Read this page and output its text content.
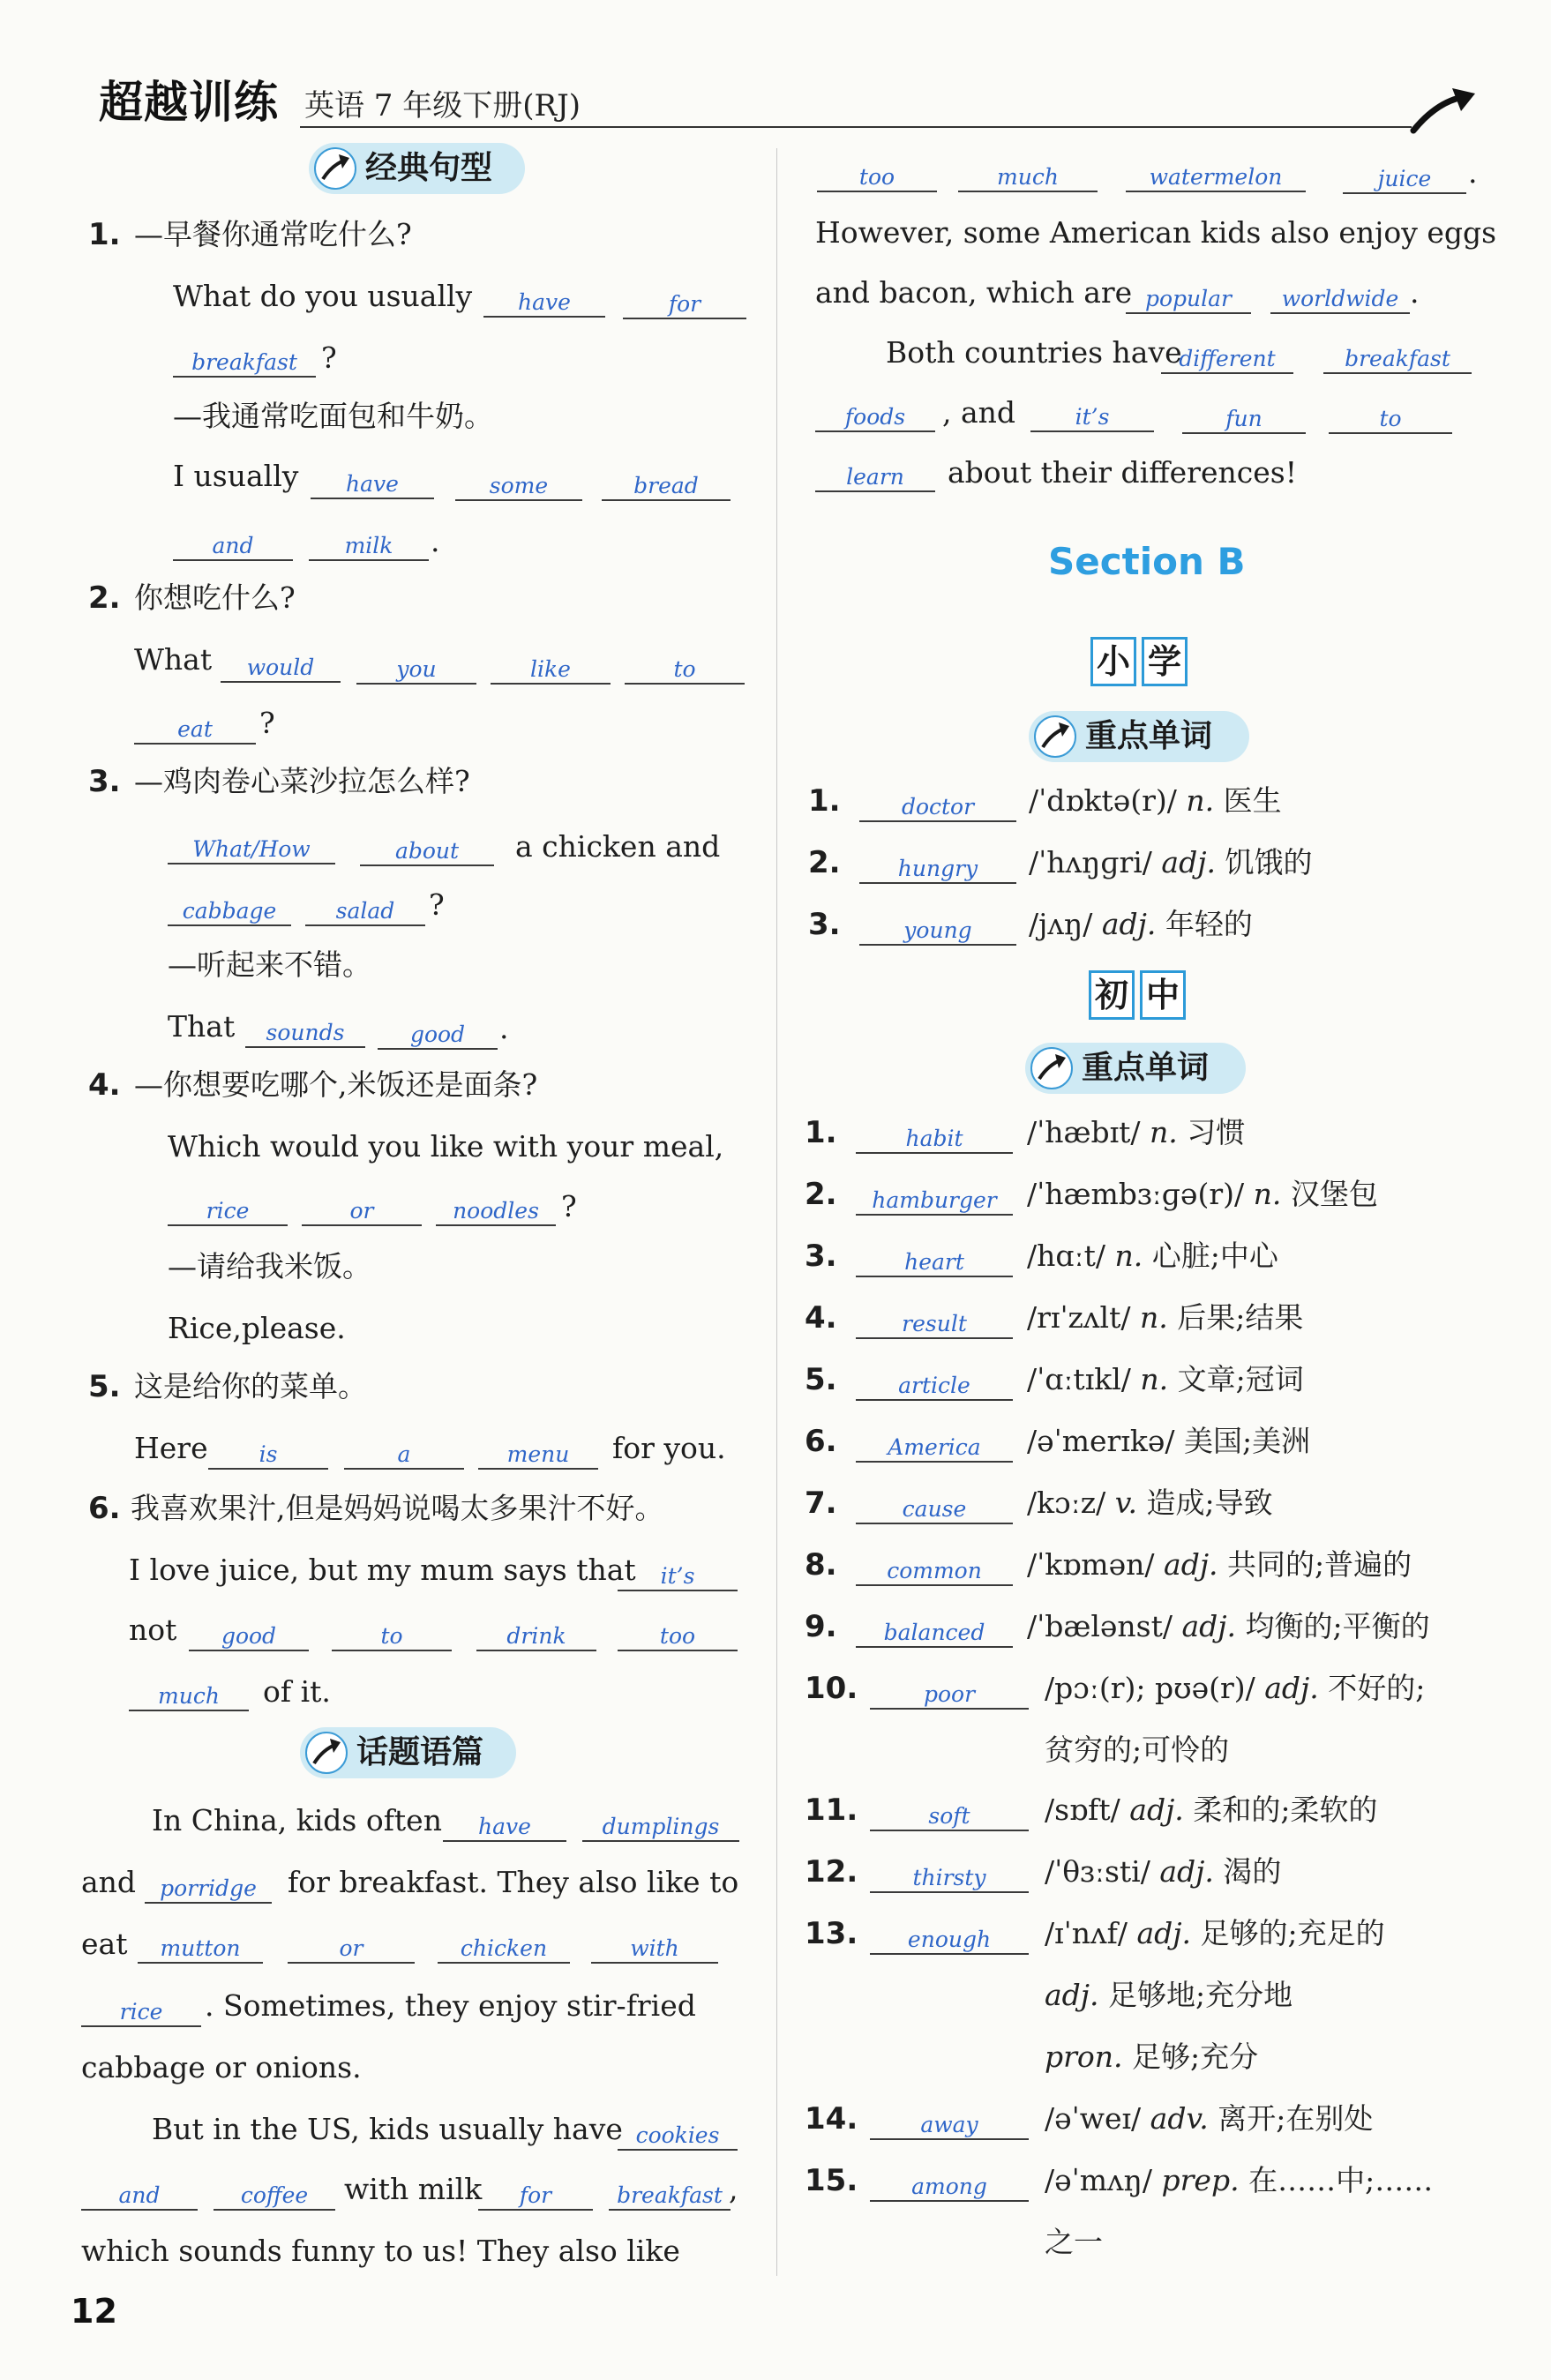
超越训练 英语 7 年级下册(RJ)
经典句型
1. —早餐你通常吃什么?
What do you usually	have	for
breakfast ?
—我通常吃面包和牛奶。
I usually	have	some	bread
and	milk	.
2. 你想吃什么?
What	would	you	like	to
eat	?
3. —鸡肉卷心菜沙拉怎么样?
What/How	about	a chicken and
cabbage	salad	?
—听起来不错。
That	sounds	good	.
4. —你想要吃哪个,米饭还是面条?
Which would you like with your meal,
rice	or	noodles ?
—请给我米饭。
Rice,please.
5. 这是给你的菜单。
Here	is	a	menu	for you.
6. 我喜欢果汁,但是妈妈说喝太多果汁不好。
I love juice, but my mum says that	it’s
not	good	to	drink	too
much	of it.
话题语篇
In China, kids often	have	dumplings
and	porridge	for breakfast. They also like to
eat	mutton	or	chicken	with
rice	. Sometimes, they enjoy stir-fried
cabbage or onions.
But in the US, kids usually have cookies
and	coffee	with milk	for	breakfast ,
which sounds funny to us! They also like
12
too	much	watermelon	juice	.
However, some American kids also enjoy eggs
and bacon, which are popular	worldwide .
Both countries have
different	breakfast
foods	, and	it’s	fun	to
learn	about their differences!
Section B
小 学
重点单词
1.	doctor	/ˈdɒktə(r)/ n. 医生
2.	hungry	/ˈhʌŋɡri/ adj. 饥饿的
3.	young	/jʌŋ/ adj. 年轻的
初 中
重点单词
1.	habit	/ˈhæbɪt/ n. 习惯
2.	hamburger	/ˈhæmbɜːɡə(r)/ n. 汉堡包
3.	heart	/hɑːt/ n. 心脏;中心
4.	result	/rɪˈzʌlt/ n. 后果;结果
5.	article	/ˈɑːtɪkl/ n. 文章;冠词
6.	America	/əˈmerɪkə/ 美国;美洲
7.	cause	/kɔːz/ v. 造成;导致
8.	common	/ˈkɒmən/ adj. 共同的;普遍的
9.	balanced	/ˈbælənst/ adj. 均衡的;平衡的
10.	poor	/pɔː(r); pʊə(r)/ adj. 不好的;
贫穷的;可怜的
11.	soft	/sɒft/ adj. 柔和的;柔软的
12.	thirsty	/ˈθɜːsti/ adj. 渴的
13.	enough	/ɪˈnʌf/ adj. 足够的;充足的
adj. 足够地;充分地
pron. 足够;充分
14.	away	/əˈweɪ/ adv. 离开;在别处
15.	among	/əˈmʌŋ/ prep. 在……中;……
之一
